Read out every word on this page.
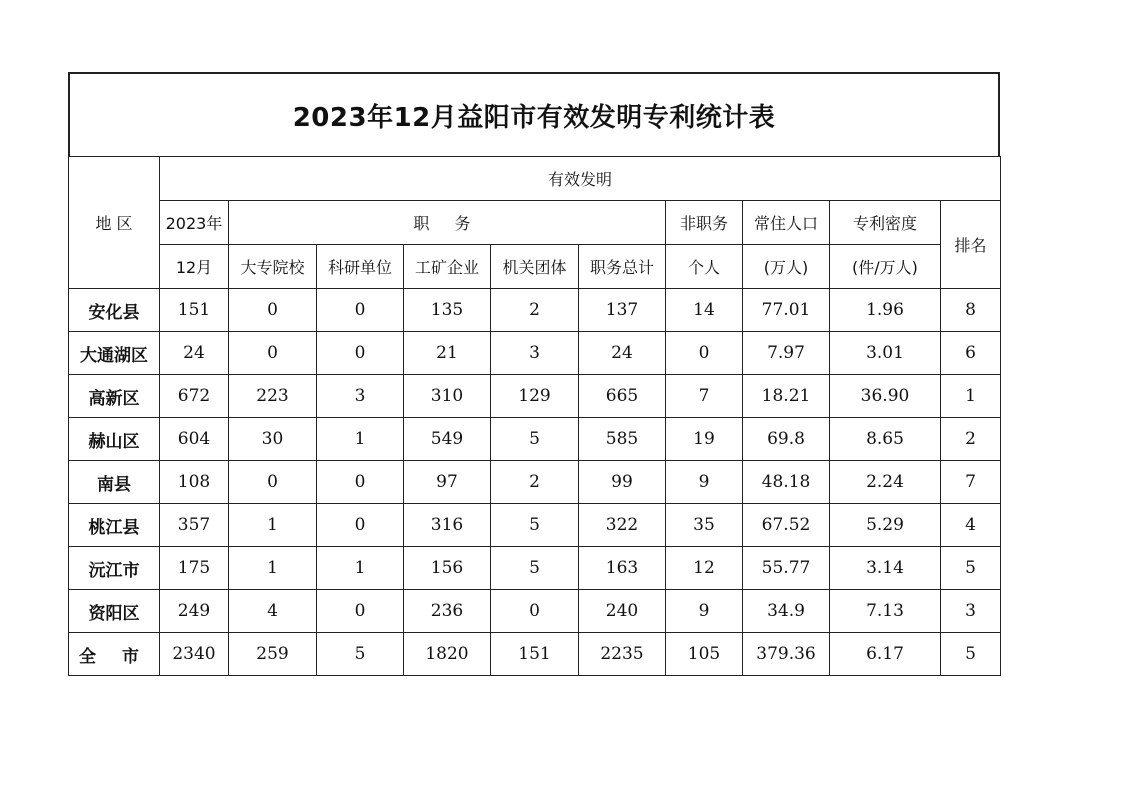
2023年12月益阳市有效发明专利统计表
地 区	有效发明									
	2023年	职 务					非职务	常住人口	专利密度	排名
	12月	大专院校	科研单位	工矿企业	机关团体	职务总计	个人	(万人)	(件/万人)	
安化县	151	0	0	135	2	137	14	77.01	1.96	8
大通湖区	24	0	0	21	3	24	0	7.97	3.01	6
高新区	672	223	3	310	129	665	7	18.21	36.90	1
赫山区	604	30	1	549	5	585	19	69.8	8.65	2
南县	108	0	0	97	2	99	9	48.18	2.24	7
桃江县	357	1	0	316	5	322	35	67.52	5.29	4
沅江市	175	1	1	156	5	163	12	55.77	3.14	5
资阳区	249	4	0	236	0	240	9	34.9	7.13	3
全 市	2340	259	5	1820	151	2235	105	379.36	6.17	5
